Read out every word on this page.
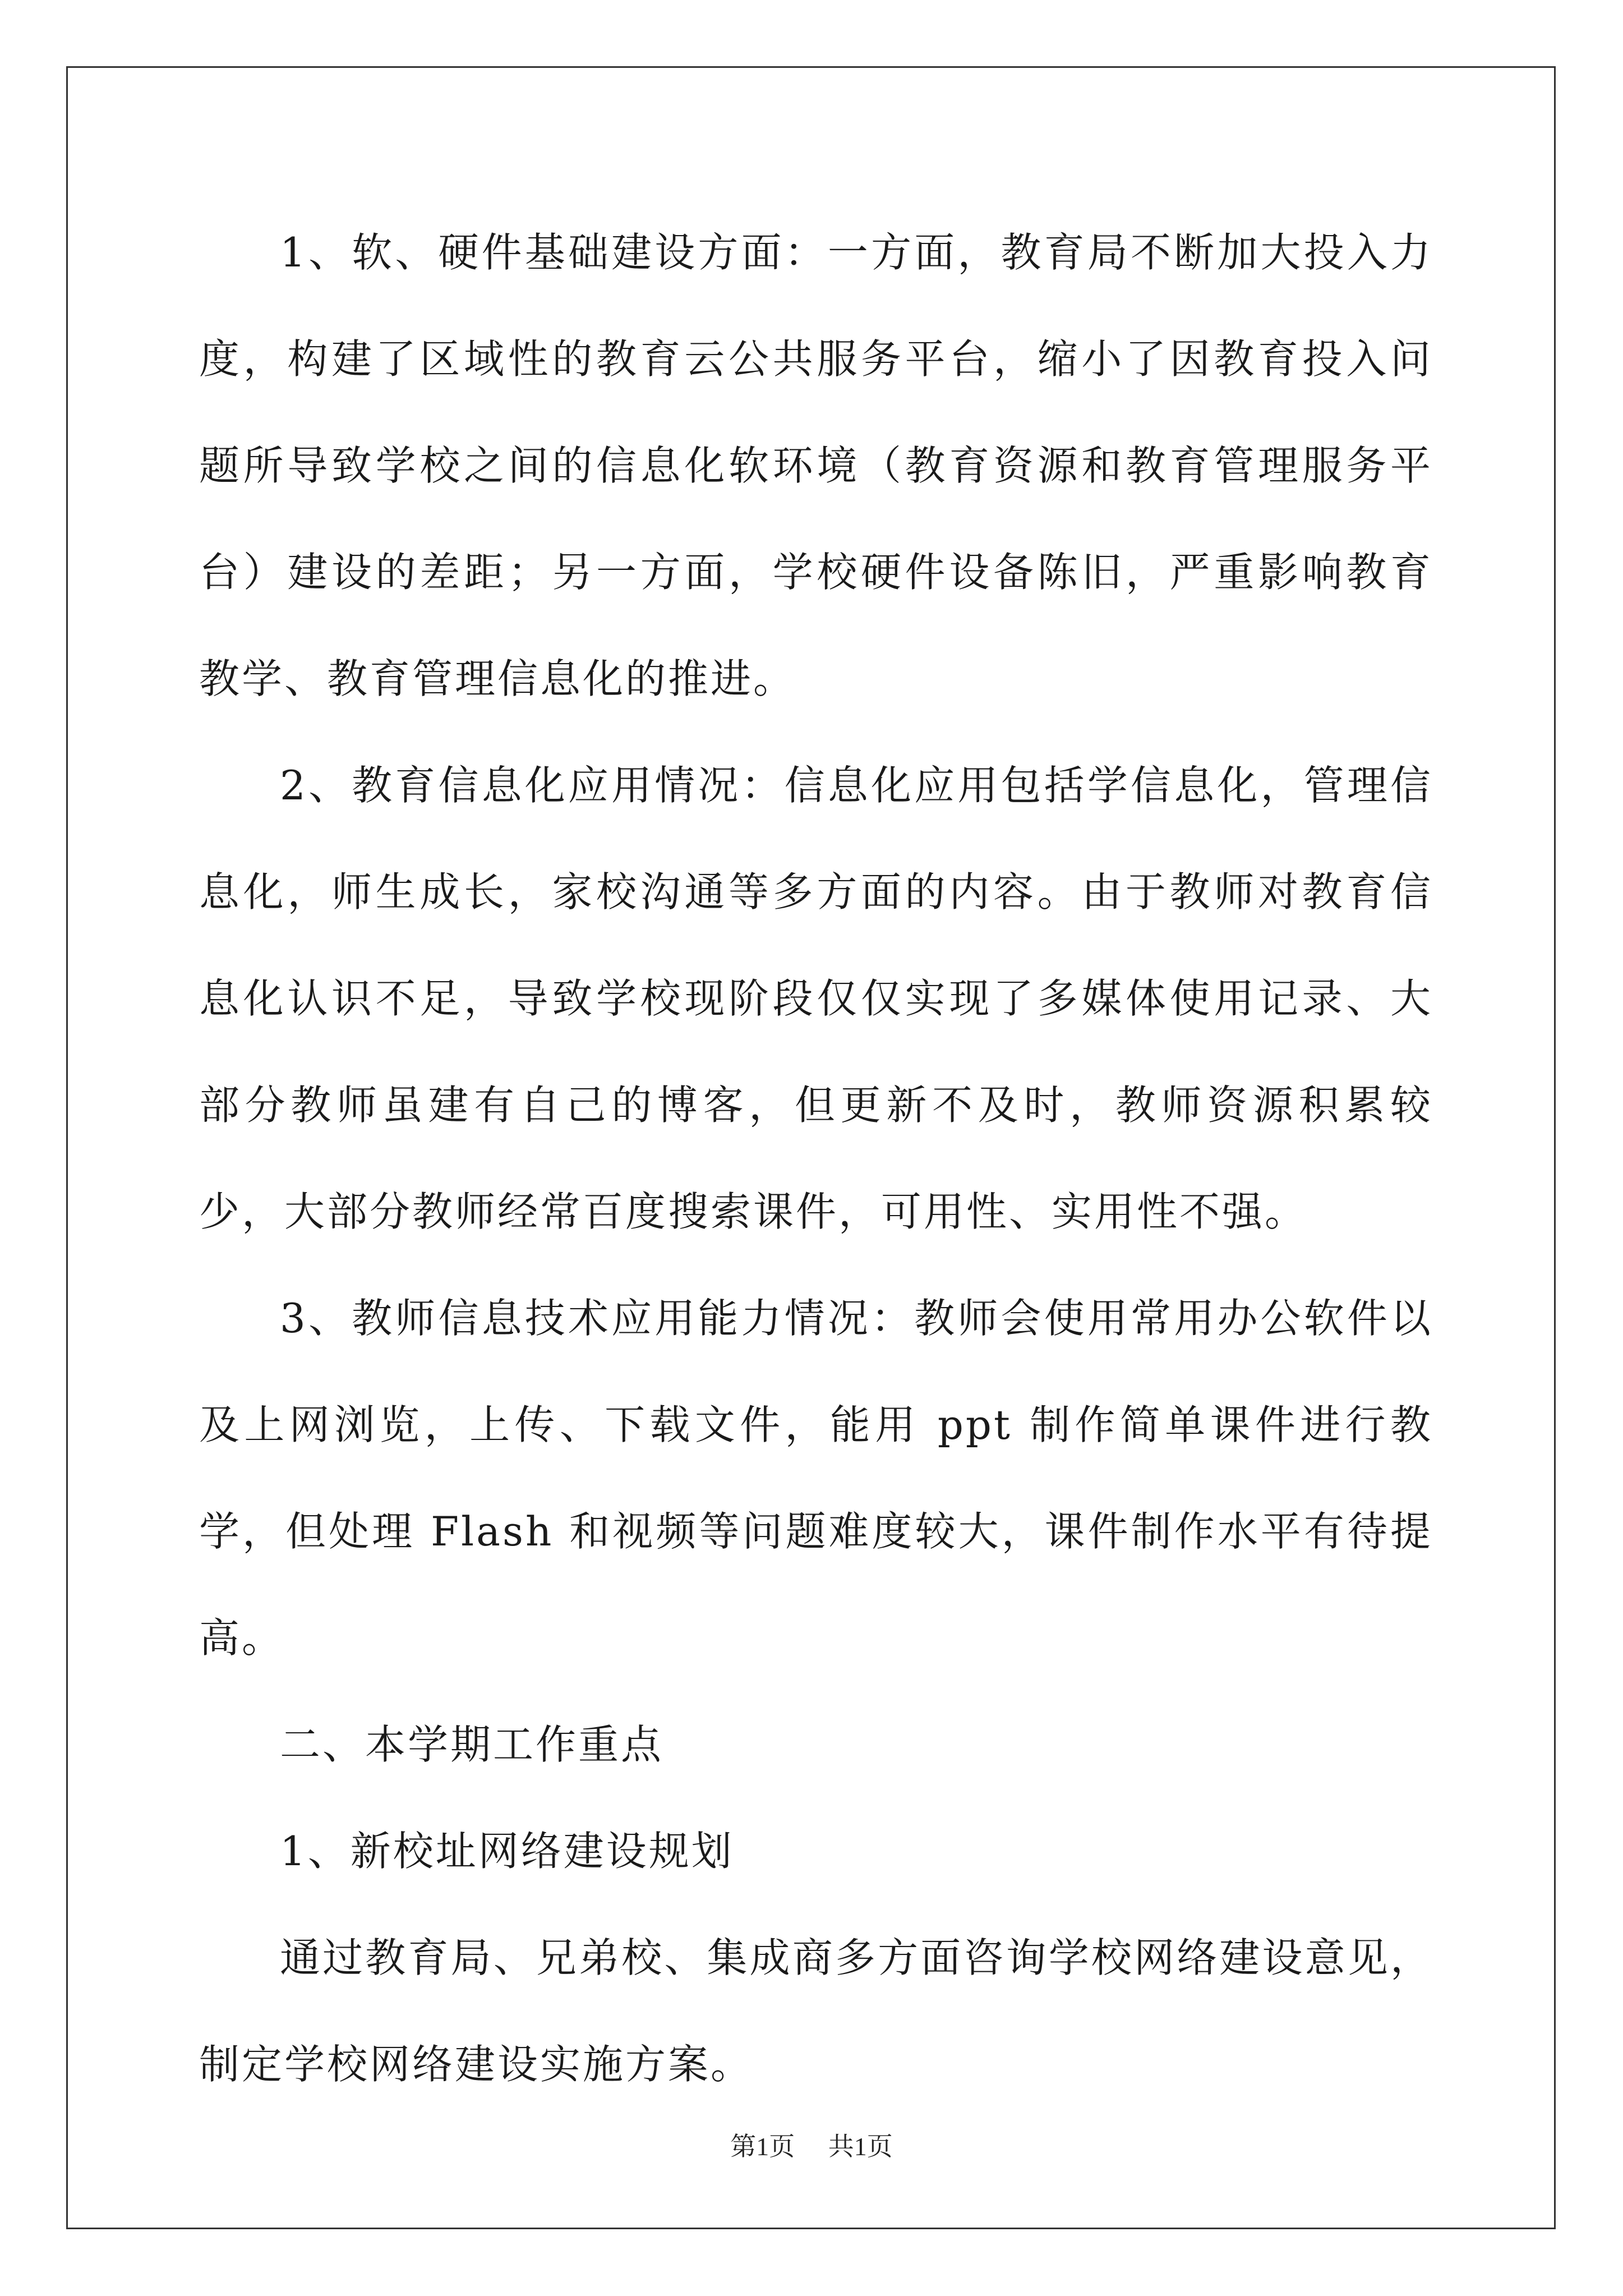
1、软、硬件基础建设方面：一方面，教育局不断加大投入力度，构建了区域性的教育云公共服务平台，缩小了因教育投入问题所导致学校之间的信息化软环境（教育资源和教育管理服务平台）建设的差距；另一方面，学校硬件设备陈旧，严重影响教育教学、教育管理信息化的推进。

2、教育信息化应用情况：信息化应用包括学信息化，管理信息化，师生成长，家校沟通等多方面的内容。由于教师对教育信息化认识不足，导致学校现阶段仅仅实现了多媒体使用记录、大部分教师虽建有自己的博客，但更新不及时，教师资源积累较少，大部分教师经常百度搜索课件，可用性、实用性不强。

3、教师信息技术应用能力情况：教师会使用常用办公软件以及上网浏览，上传、下载文件，能用 ppt 制作简单课件进行教学，但处理 Flash 和视频等问题难度较大，课件制作水平有待提高。

二、本学期工作重点

1、新校址网络建设规划

通过教育局、兄弟校、集成商多方面咨询学校网络建设意见，制定学校网络建设实施方案。

第1页 共1页
